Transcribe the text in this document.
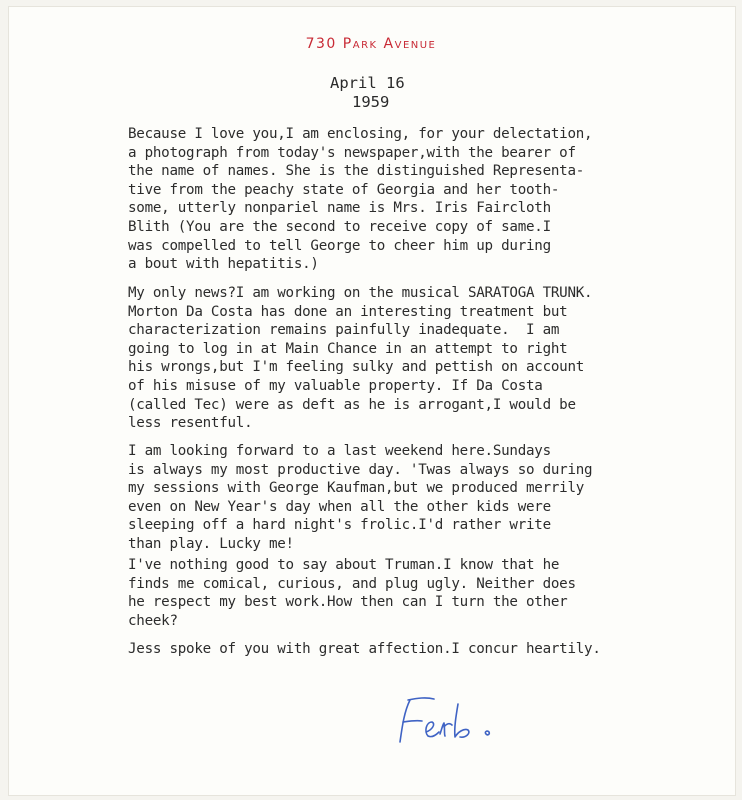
730 Park Avenue
April 16
1959
Because I love you,I am enclosing, for your delectation,
a photograph from today's newspaper,with the bearer of
the name of names. She is the distinguished Representa-
tive from the peachy state of Georgia and her tooth-
some, utterly nonpariel name is Mrs. Iris Faircloth
Blith (You are the second to receive copy of same.I
was compelled to tell George to cheer him up during
a bout with hepatitis.)
My only news?I am working on the musical SARATOGA TRUNK.
Morton Da Costa has done an interesting treatment but
characterization remains painfully inadequate.  I am
going to log in at Main Chance in an attempt to right
his wrongs,but I'm feeling sulky and pettish on account
of his misuse of my valuable property. If Da Costa
(called Tec) were as deft as he is arrogant,I would be
less resentful.
I am looking forward to a last weekend here.Sundays
is always my most productive day. 'Twas always so during
my sessions with George Kaufman,but we produced merrily
even on New Year's day when all the other kids were
sleeping off a hard night's frolic.I'd rather write
than play. Lucky me!
I've nothing good to say about Truman.I know that he
finds me comical, curious, and plug ugly. Neither does
he respect my best work.How then can I turn the other
cheek?
Jess spoke of you with great affection.I concur heartily.
